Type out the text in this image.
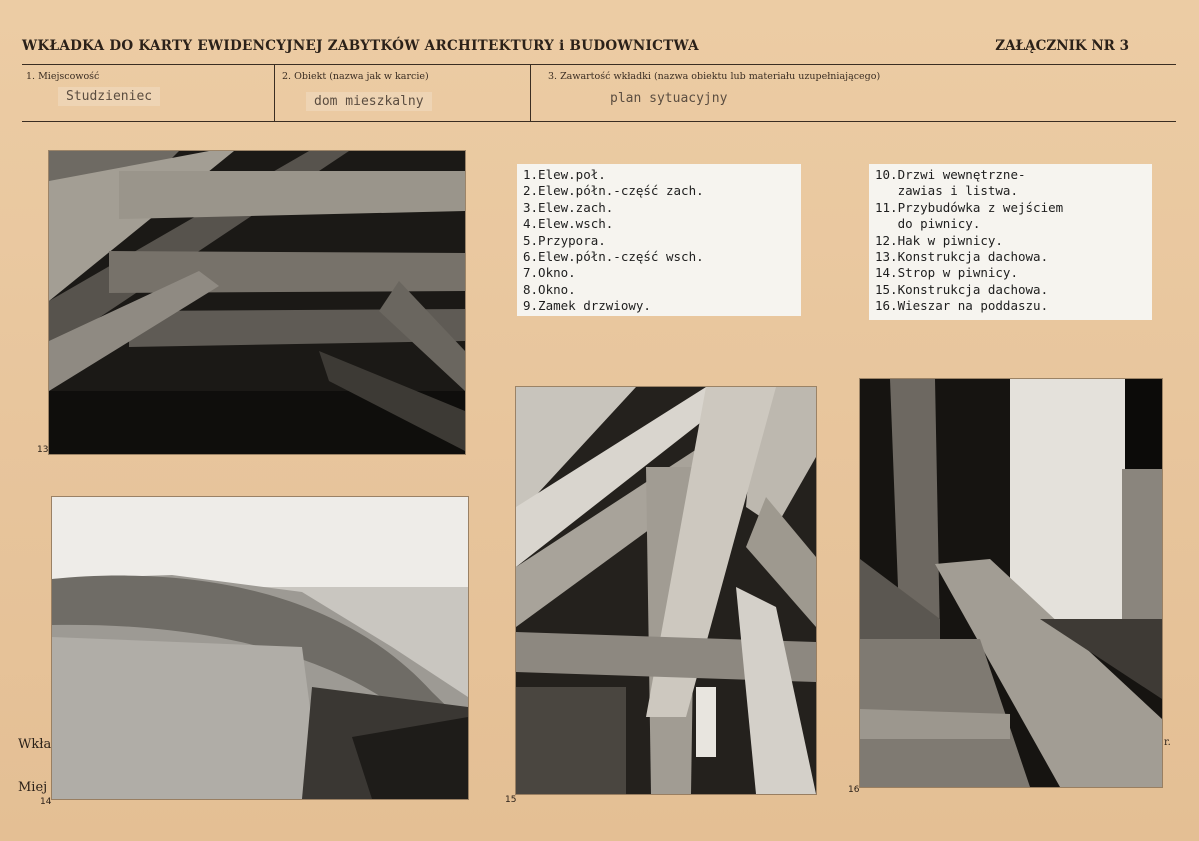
WKŁADKA DO KARTY EWIDENCYJNEJ ZABYTKÓW ARCHITEKTURY i BUDOWNICTWA	ZAŁĄCZNIK NR 3
1. Miejscowość
Studzieniec
2. Obiekt (nazwa jak w karcie)
dom mieszkalny
3. Zawartość wkładki (nazwa obiektu lub materiału uzupełniającego)
plan sytuacyjny
13
14
1.Elew.poł.
2.Elew.półn.-część zach.
3.Elew.zach.
4.Elew.wsch.
5.Przypora.
6.Elew.półn.-część wsch.
7.Okno.
8.Okno.
9.Zamek drzwiowy.
10.Drzwi wewnętrzne-
zawias i listwa.
11.Przybudówka z wejściem
do piwnicy.
12.Hak w piwnicy.
13.Konstrukcja dachowa.
14.Strop w piwnicy.
15.Konstrukcja dachowa.
16.Wieszar na poddaszu.
15
16
Wkła
Miej
r.
